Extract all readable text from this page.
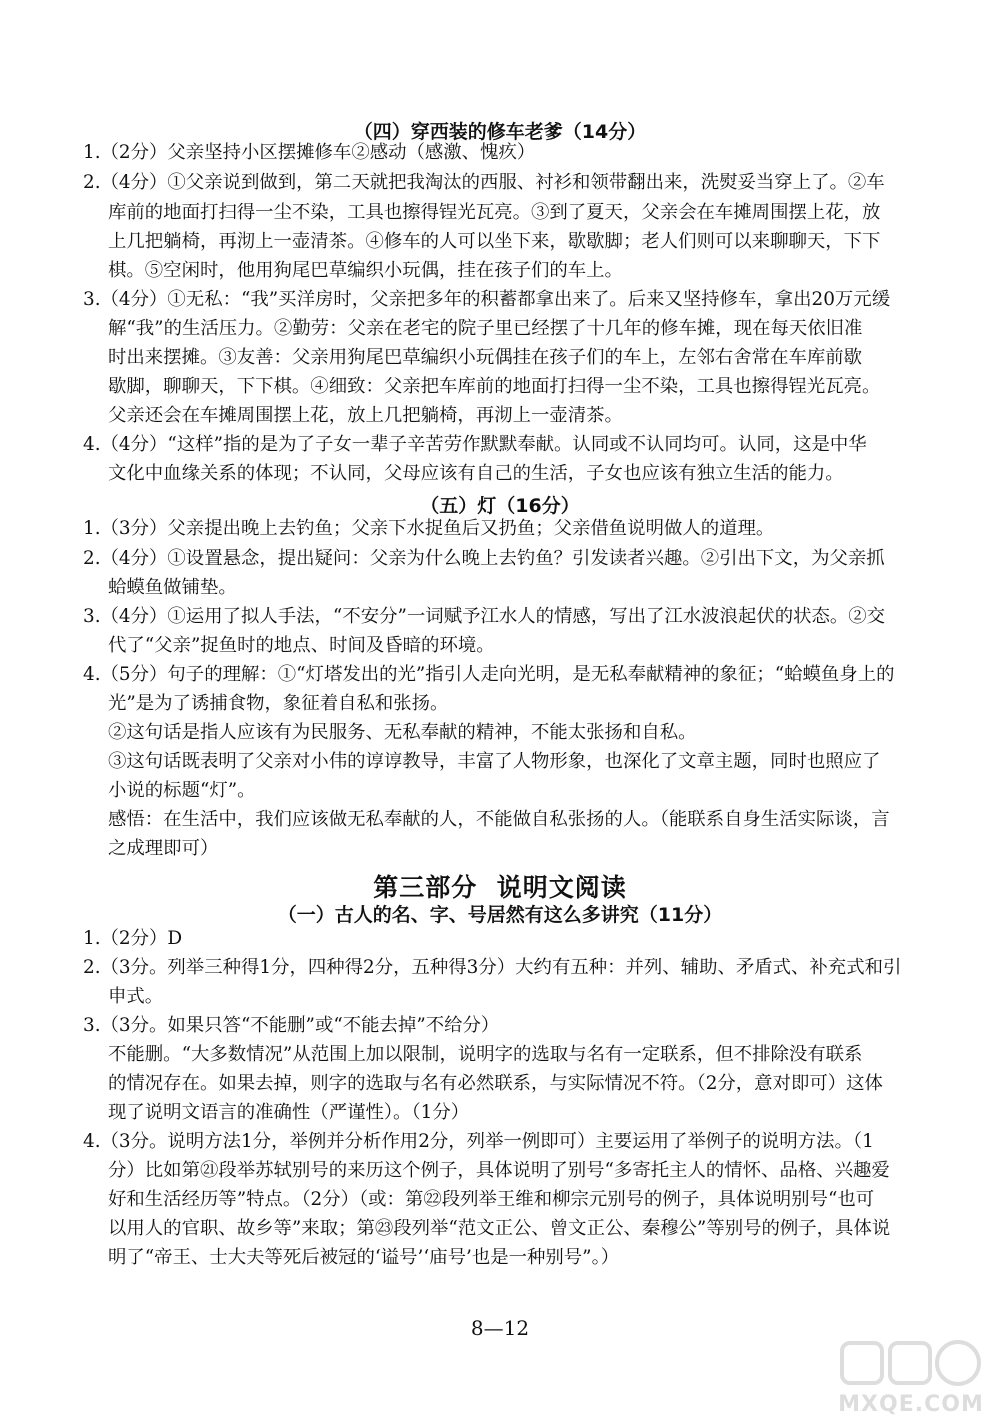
（四）穿西装的修车老爹（14分）
1.（2分）父亲坚持小区摆摊修车②感动（感激、愧疚）
2.（4分）①父亲说到做到，第二天就把我淘汰的西服、衬衫和领带翻出来，洗熨妥当穿上了。②车
库前的地面打扫得一尘不染，工具也擦得锃光瓦亮。③到了夏天，父亲会在车摊周围摆上花，放
上几把躺椅，再沏上一壶清茶。④修车的人可以坐下来，歇歇脚；老人们则可以来聊聊天，下下
棋。⑤空闲时，他用狗尾巴草编织小玩偶，挂在孩子们的车上。
3.（4分）①无私：“我”买洋房时，父亲把多年的积蓄都拿出来了。后来又坚持修车，拿出20万元缓
解“我”的生活压力。②勤劳：父亲在老宅的院子里已经摆了十几年的修车摊，现在每天依旧准
时出来摆摊。③友善：父亲用狗尾巴草编织小玩偶挂在孩子们的车上，左邻右舍常在车库前歇
歇脚，聊聊天，下下棋。④细致：父亲把车库前的地面打扫得一尘不染，工具也擦得锃光瓦亮。
父亲还会在车摊周围摆上花，放上几把躺椅，再沏上一壶清茶。
4.（4分）“这样”指的是为了子女一辈子辛苦劳作默默奉献。认同或不认同均可。认同，这是中华
文化中血缘关系的体现；不认同，父母应该有自己的生活，子女也应该有独立生活的能力。
（五）灯（16分）
1.（3分）父亲提出晚上去钓鱼；父亲下水捉鱼后又扔鱼；父亲借鱼说明做人的道理。
2.（4分）①设置悬念，提出疑问：父亲为什么晚上去钓鱼？引发读者兴趣。②引出下文，为父亲抓
蛤蟆鱼做铺垫。
3.（4分）①运用了拟人手法，“不安分”一词赋予江水人的情感，写出了江水波浪起伏的状态。②交
代了“父亲”捉鱼时的地点、时间及昏暗的环境。
4.（5分）句子的理解：①“灯塔发出的光”指引人走向光明，是无私奉献精神的象征；“蛤蟆鱼身上的
光”是为了诱捕食物，象征着自私和张扬。
②这句话是指人应该有为民服务、无私奉献的精神，不能太张扬和自私。
③这句话既表明了父亲对小伟的谆谆教导，丰富了人物形象，也深化了文章主题，同时也照应了
小说的标题“灯”。
感悟：在生活中，我们应该做无私奉献的人，不能做自私张扬的人。（能联系自身生活实际谈，言
之成理即可）
第三部分  说明文阅读
（一）古人的名、字、号居然有这么多讲究（11分）
1.（2分）D
2.（3分。列举三种得1分，四种得2分，五种得3分）大约有五种：并列、辅助、矛盾式、补充式和引
申式。
3.（3分。如果只答“不能删”或“不能去掉”不给分）
不能删。“大多数情况”从范围上加以限制，说明字的选取与名有一定联系，但不排除没有联系
的情况存在。如果去掉，则字的选取与名有必然联系，与实际情况不符。（2分，意对即可）这体
现了说明文语言的准确性（严谨性）。（1分）
4.（3分。说明方法1分，举例并分析作用2分，列举一例即可）主要运用了举例子的说明方法。（1
分）比如第㉑段举苏轼别号的来历这个例子，具体说明了别号“多寄托主人的情怀、品格、兴趣爱
好和生活经历等”特点。（2分）（或：第㉒段列举王维和柳宗元别号的例子，具体说明别号“也可
以用人的官职、故乡等”来取；第㉓段列举“范文正公、曾文正公、秦穆公”等别号的例子，具体说
明了“帝王、士大夫等死后被冠的‘谥号’‘庙号’也是一种别号”。）
8—12
MXQE.COM
